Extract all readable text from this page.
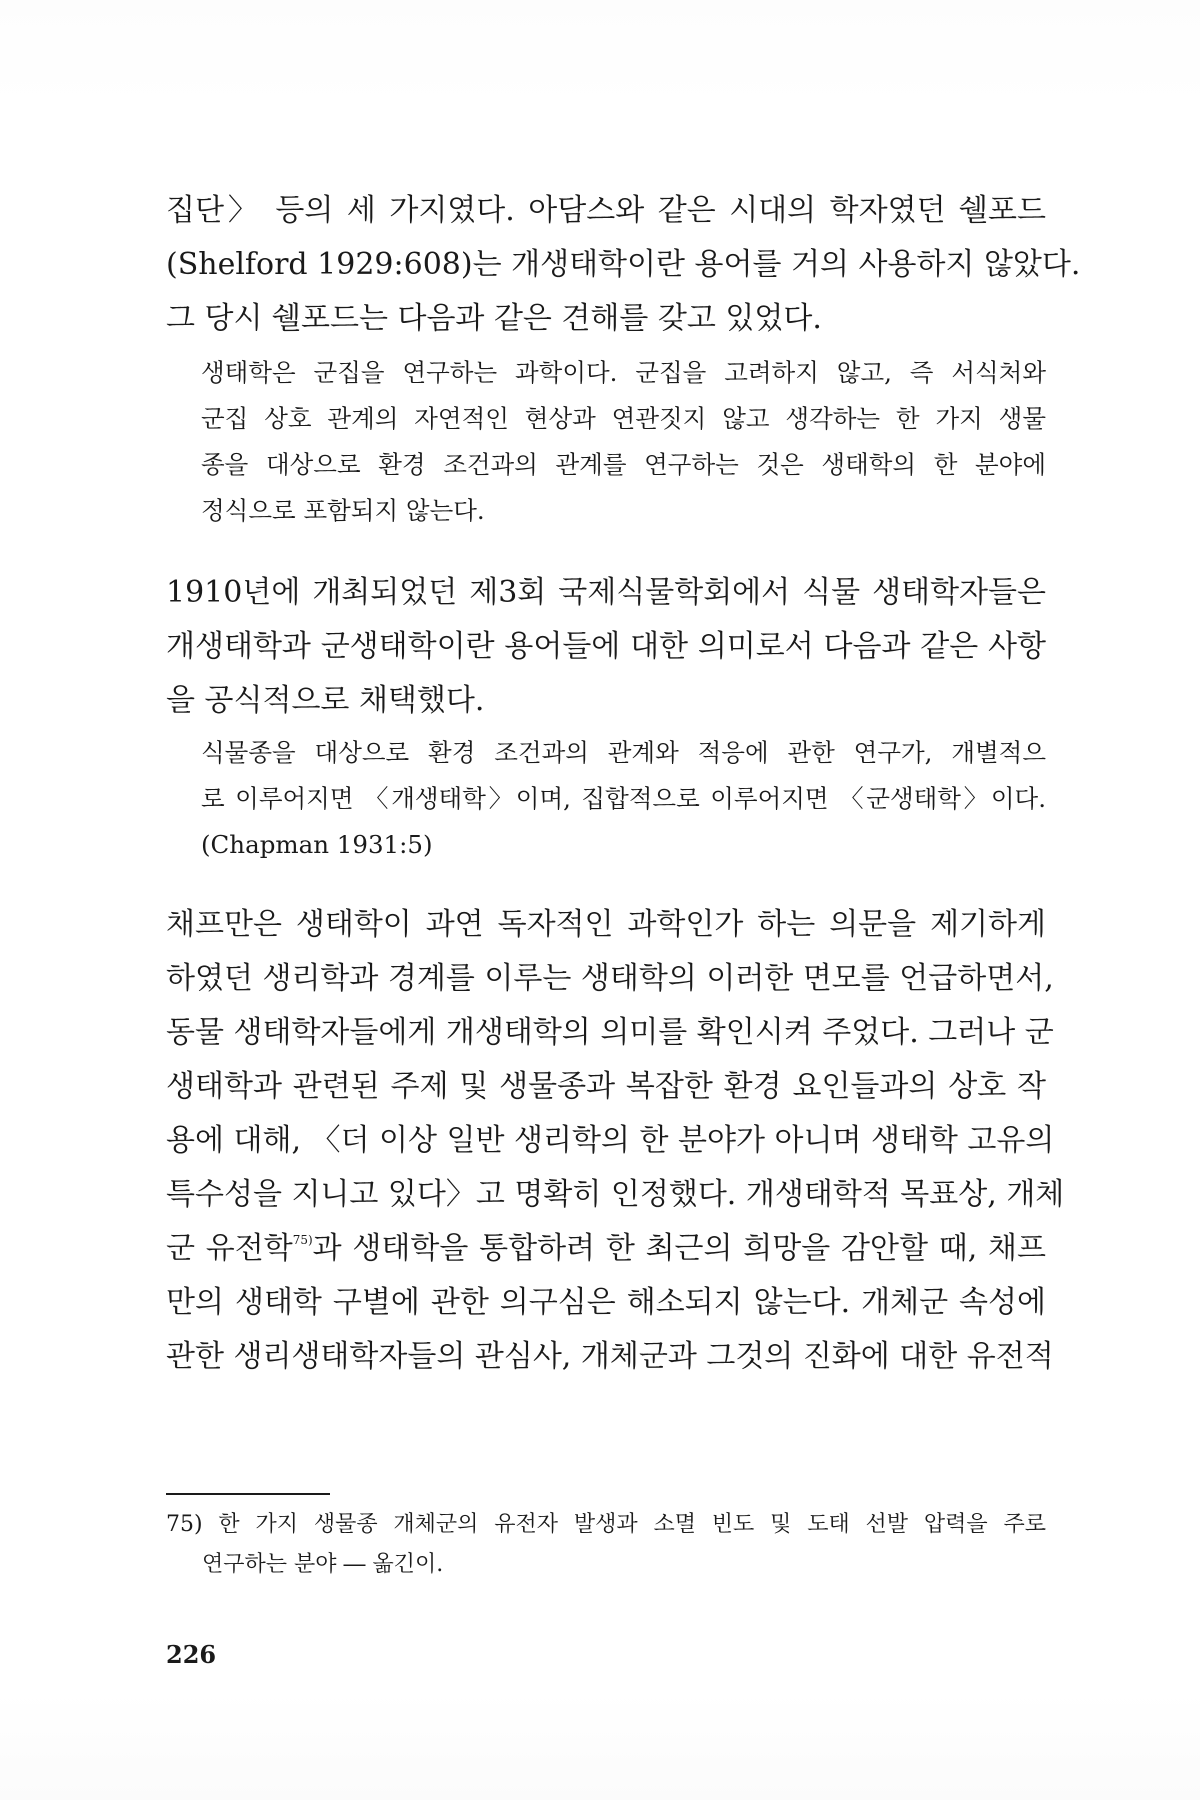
집단〉 등의 세 가지였다. 아담스와 같은 시대의 학자였던 쉘포드

(Shelford 1929:608)는 개생태학이란 용어를 거의 사용하지 않았다.

그 당시 쉘포드는 다음과 같은 견해를 갖고 있었다.

생태학은 군집을 연구하는 과학이다. 군집을 고려하지 않고, 즉 서식처와

군집 상호 관계의 자연적인 현상과 연관짓지 않고 생각하는 한 가지 생물

종을 대상으로 환경 조건과의 관계를 연구하는 것은 생태학의 한 분야에

정식으로 포함되지 않는다.

1910년에 개최되었던 제3회 국제식물학회에서 식물 생태학자들은

개생태학과 군생태학이란 용어들에 대한 의미로서 다음과 같은 사항

을 공식적으로 채택했다.

식물종을 대상으로 환경 조건과의 관계와 적응에 관한 연구가, 개별적으

로 이루어지면 〈개생태학〉이며, 집합적으로 이루어지면 〈군생태학〉이다.

(Chapman 1931:5)

채프만은 생태학이 과연 독자적인 과학인가 하는 의문을 제기하게

하였던 생리학과 경계를 이루는 생태학의 이러한 면모를 언급하면서,

동물 생태학자들에게 개생태학의 의미를 확인시켜 주었다. 그러나 군

생태학과 관련된 주제 및 생물종과 복잡한 환경 요인들과의 상호 작

용에 대해, 〈더 이상 일반 생리학의 한 분야가 아니며 생태학 고유의

특수성을 지니고 있다〉고 명확히 인정했다. 개생태학적 목표상, 개체

군 유전학$^{75)}$과 생태학을 통합하려 한 최근의 희망을 감안할 때, 채프

만의 생태학 구별에 관한 의구심은 해소되지 않는다. 개체군 속성에

관한 생리생태학자들의 관심사, 개체군과 그것의 진화에 대한 유전적

75) 한 가지 생물종 개체군의 유전자 발생과 소멸 빈도 및 도태 선발 압력을 주로

연구하는 분야 ― 옮긴이.

226
